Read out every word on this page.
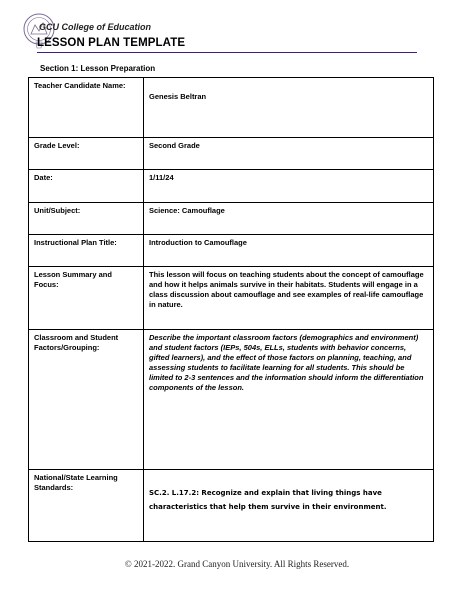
GCU College of Education
LESSON PLAN TEMPLATE
Section 1: Lesson Preparation
Teacher Candidate Name:	Genesis Beltran

Grade Level:	Second Grade
Date:	1/11/24
Unit/Subject:	Science: Camouflage
Instructional Plan Title:	Introduction to Camouflage
Lesson Summary and Focus:	This lesson will focus on teaching students about the concept of camouflage and how it helps animals survive in their habitats. Students will engage in a class discussion about camouflage and see examples of real-life camouflage in nature.
Classroom and Student Factors/Grouping:	Describe the important classroom factors (demographics and environment) and student factors (IEPs, 504s, ELLs, students with behavior concerns, gifted learners), and the effect of those factors on planning, teaching, and assessing students to facilitate learning for all students. This should be limited to 2-3 sentences and the information should inform the differentiation components of the lesson.
National/State Learning Standards:	SC.2. L.17.2: Recognize and explain that living things have characteristics that help them survive in their environment.
© 2021-2022. Grand Canyon University. All Rights Reserved.
